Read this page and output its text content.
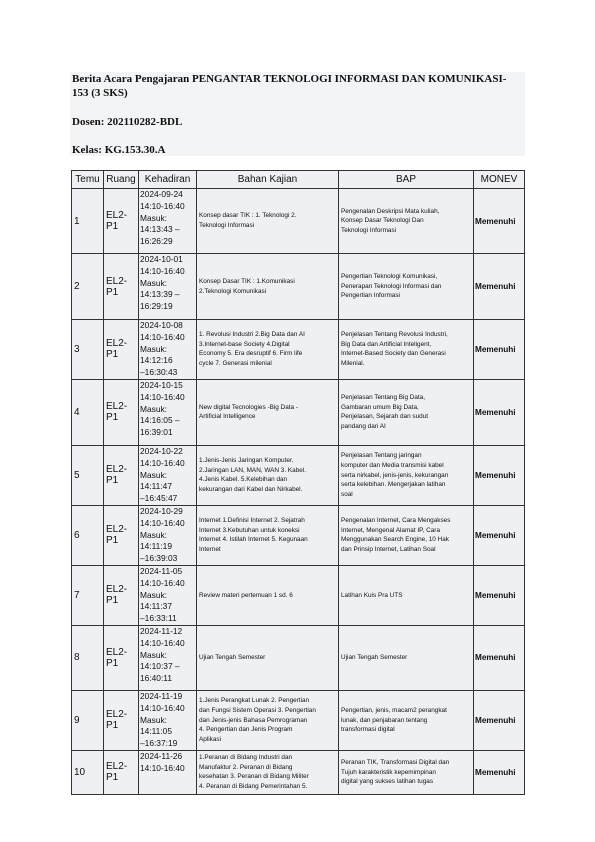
Berita Acara Pengajaran PENGANTAR TEKNOLOGI INFORMASI DAN KOMUNIKASI-153 (3 SKS)
Dosen: 202110282-BDL
Kelas: KG.153.30.A
Temu	Ruang	Kehadiran	Bahan Kajian	BAP	MONEV
1	EL2-P1	2024-09-24
14:10-16:40
Masuk:
14:13:43 –
16:26:29	Konsep dasar TIK : 1. Teknologi 2.
Teknologi Informasi	Pengenalan Deskripsi Mata kuliah,
Konsep Dasar Teknologi Dan
Teknologi Informasi	Memenuhi
2	EL2-P1	2024-10-01
14:10-16:40
Masuk:
14:13:39 –
16:29:19	Konsep Dasar TIK : 1.Komunikasi
2.Teknologi Komunikasi	Pengertian Teknologi Komunikasi,
Penerapan Teknologi Informasi dan
Pengertian Informasi	Memenuhi
3	EL2-P1	2024-10-08
14:10-16:40
Masuk: 14:12:16
–16:30:43	1. Revolusi Industri 2.Big Data dan AI
3.Internet-base Society 4.Digital
Economy 5. Era desruptif 6. Firm life
cycle 7. Generasi milenial	Penjelasan Tentang Revolusi Industri,
Big Data dan Artificial Inteligent,
Internet-Based Society dan Generasi
Milenial.	Memenuhi
4	EL2-P1	2024-10-15
14:10-16:40
Masuk:
14:16:05 –
16:39:01	New digital Tecnologies -Big Data -
Artificial Intelligence	Penjelasan Tentang Big Data,
Gambaran umum Big Data,
Penjelasan, Sejarah dan sudut
pandang dari AI	Memenuhi
5	EL2-P1	2024-10-22
14:10-16:40
Masuk: 14:11:47
–16:45:47	1.Jenis-Jenis Jaringan Komputer.
2.Jaringan LAN, MAN, WAN 3. Kabel.
4.Jenis Kabel. 5.Kelebihan dan
kekurangan dari Kabel dan Nirkabel.	Penjelasan Tentang jaringan
komputer dan Media transmisi kabel
serta nirkabel, jenis-jenis, kekurangan
serta kelebihan. Mengerjakan latihan
soal	Memenuhi
6	EL2-P1	2024-10-29
14:10-16:40
Masuk: 14:11:19
–16:39:03	Internet 1.Definisi Internet 2. Sejatrah
Internet 3.Kebutuhan untuk koneksi
Internet 4. Istilah Internet 5. Kegunaan
Internet	Pengenalan Internet, Cara Mengakses
Internet, Mengenal Alamat IP, Cara
Menggunakan Search Engine, 10 Hak
dan Prinsip Internet, Latihan Soal	Memenuhi
7	EL2-P1	2024-11-05
14:10-16:40
Masuk: 14:11:37
–16:33:11	Review materi pertemuan 1 sd. 6	Latihan Kuis Pra UTS	Memenuhi
8	EL2-P1	2024-11-12
14:10-16:40
Masuk:
14:10:37 –
16:40:11	Ujian Tengah Semester	Ujian Tengah Semester	Memenuhi
9	EL2-P1	2024-11-19
14:10-16:40
Masuk: 14:11:05
–16:37:19	1.Jenis Perangkat Lunak 2. Pengertian
dan Fungsi Sistem Operasi 3. Pengertian
dan Jenis-jenis Bahasa Pemrograman
4. Pengertian dan Jenis Program
Aplikasi	Pengertian, jenis, macam2 perangkat
lunak, dan penjabaran tentang
transformasi digital	Memenuhi
10	EL2-P1	2024-11-26
14:10-16:40	1.Peranan di Bidang Industri dan
Manufaktur 2. Peranan di Bidang
kesehatan 3. Peranan di Bidang Militer
4. Peranan di Bidang Pemerintahan 5.	Peranan TIK, Transformasi Digital dan
Tujuh karakteristik kepemimpinan
digital yang sukses latihan tugas	Memenuhi
